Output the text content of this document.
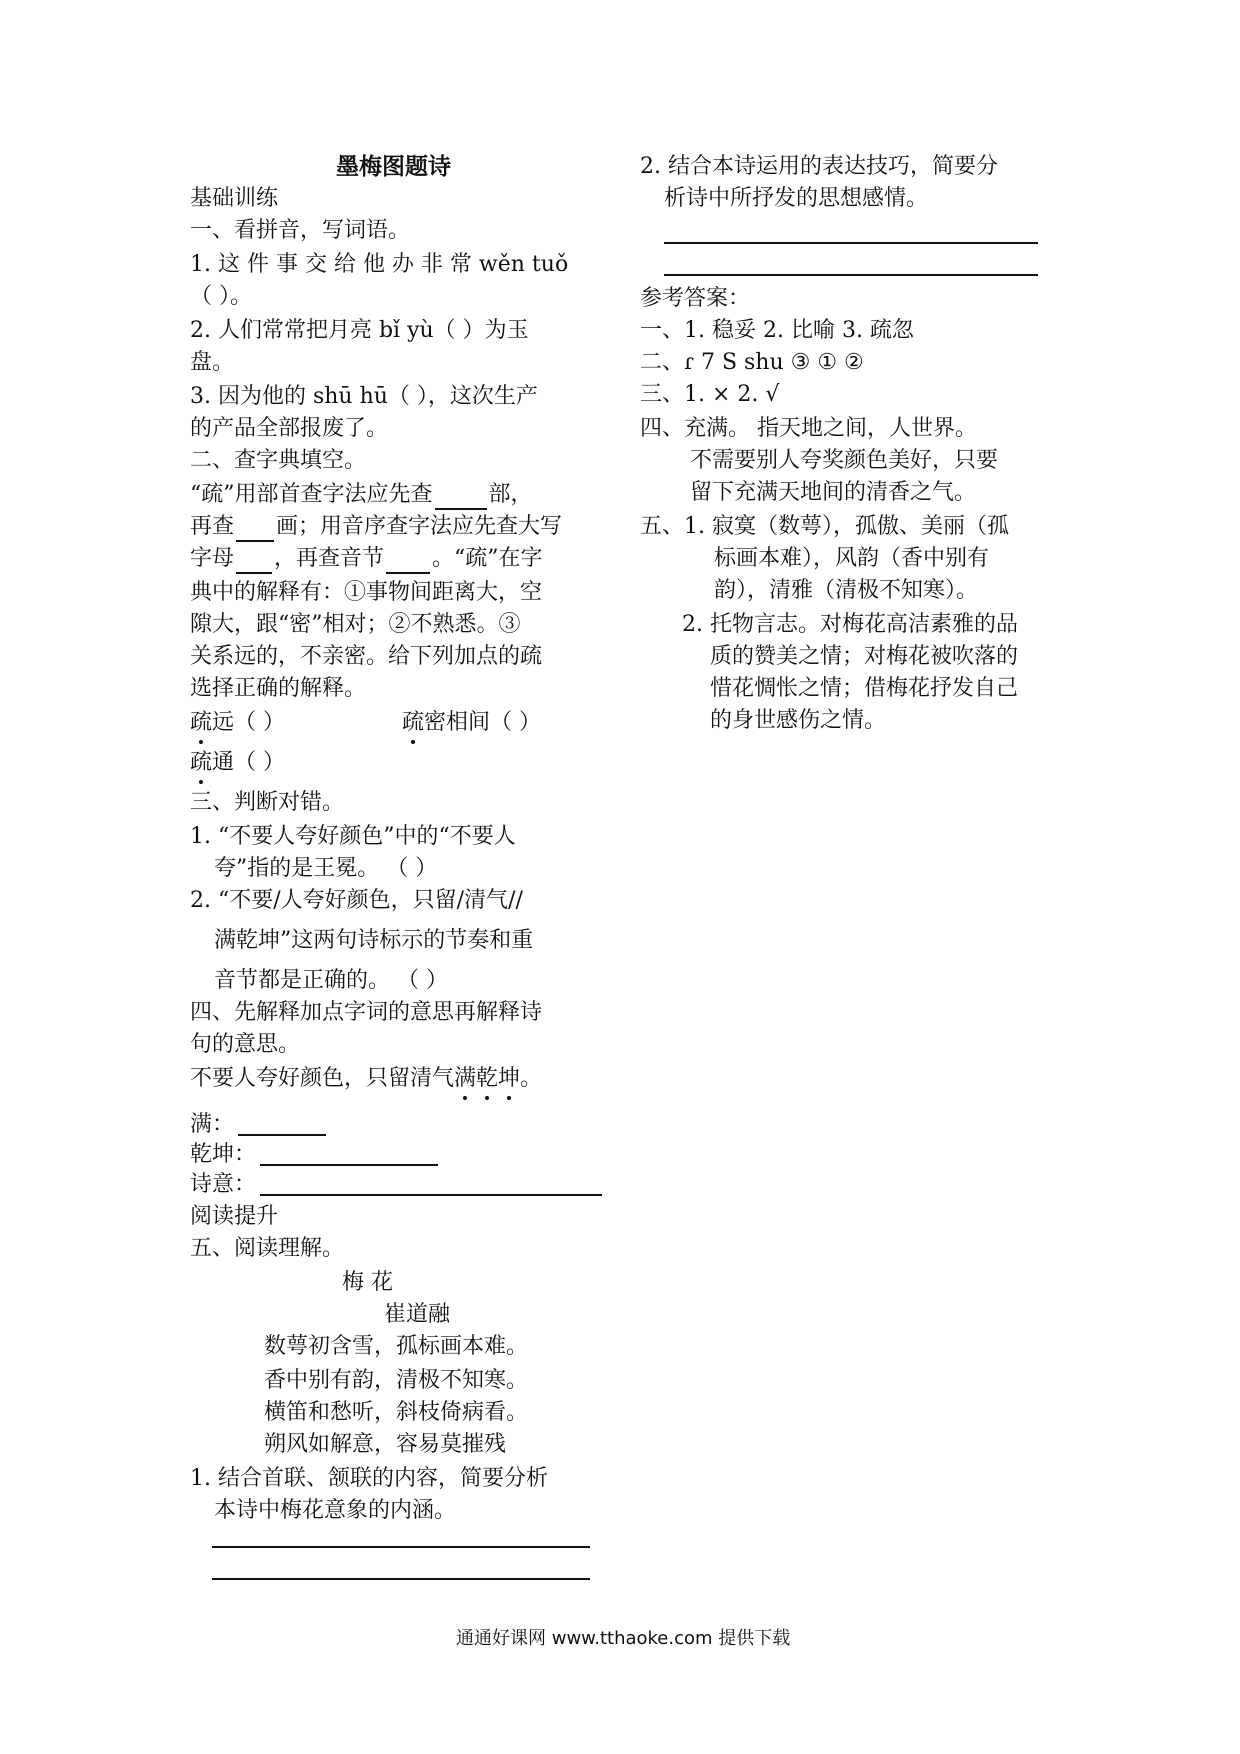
墨梅图题诗
基础训练
一、看拼音，写词语。
1. 这 件 事 交 给 他 办 非 常 wěn tuǒ
（ ）。
2. 人们常常把月亮 bǐ yù（ ）为玉
盘。
3. 因为他的 shū hū（ ），这次生产
的产品全部报废了。
二、查字典填空。
“疏”用部首查字法应先查	部，
再查 画；用音序查字法应先查大写
字母 ，再查音节 。“疏”在字
典中的解释有：①事物间距离大，空
隙大，跟“密”相对；②不熟悉。③
关系远的，不亲密。给下列加点的疏
选择正确的解释。
疏远（ ）	疏密相间（ ）
疏通（ ）
三、判断对错。
1. “不要人夸好颜色”中的“不要人
夸”指的是王冕。 （ ）
2. “不要/人夸好颜色，只留/清气//
满乾坤”这两句诗标示的节奏和重
音节都是正确的。 （ ）
四、先解释加点字词的意思再解释诗
句的意思。
不要人夸好颜色，只留清气满乾坤。
满：
乾坤：
诗意：
阅读提升
五、阅读理解。
梅 花
崔道融
数萼初含雪，孤标画本难。
香中别有韵，清极不知寒。
横笛和愁听，斜枝倚病看。
朔风如解意，容易莫摧残
1. 结合首联、颔联的内容，简要分析
本诗中梅花意象的内涵。
2. 结合本诗运用的表达技巧，简要分
析诗中所抒发的思想感情。
参考答案：
一、1. 稳妥 2. 比喻 3. 疏忽
二、ɾ 7 S shu ③ ① ②
三、1. × 2. √
四、充满。 指天地之间，人世界。
不需要别人夸奖颜色美好，只要
留下充满天地间的清香之气。
五、1. 寂寞（数萼），孤傲、美丽（孤
标画本难），风韵（香中别有
韵），清雅（清极不知寒）。
2. 托物言志。对梅花高洁素雅的品
质的赞美之情；对梅花被吹落的
惜花惆怅之情；借梅花抒发自己
的身世感伤之情。
通通好课网 www.tthaoke.com 提供下载
